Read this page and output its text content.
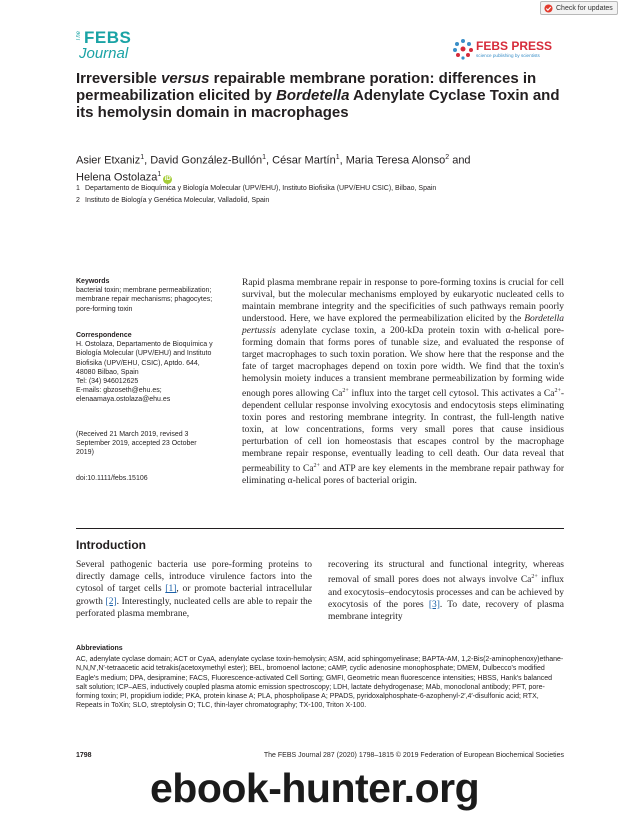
Check for updates
The FEBS
Journal	FEBS PRESS
science publishing by scientists
Irreversible versus repairable membrane poration: differences in permeabilization elicited by Bordetella Adenylate Cyclase Toxin and its hemolysin domain in macrophages
Asier Etxaniz$^1$, David González-Bullón$^1$, César Martín$^1$, Maria Teresa Alonso$^2$ and
Helena Ostolaza$^1$iD
1 Departamento de Bioquímica y Biología Molecular (UPV/EHU), Instituto Biofisika (UPV/EHU CSIC), Bilbao, Spain
2 Instituto de Biología y Genética Molecular, Valladolid, Spain
Keywords
bacterial toxin; membrane permeabilization;
membrane repair mechanisms; phagocytes;
pore-forming toxin
Correspondence
H. Ostolaza, Departamento de Bioquímica y
Biología Molecular (UPV/EHU) and Instituto
Biofisika (UPV/EHU, CSIC), Aptdo. 644,
48080 Bilbao, Spain
Tel: (34) 946012625
E-mails: gbzoseth@ehu.es;
elenaamaya.ostolaza@ehu.es
(Received 21 March 2019, revised 3
September 2019, accepted 23 October
2019)
doi:10.1111/febs.15106
Rapid plasma membrane repair in response to pore-forming toxins is crucial for cell survival, but the molecular mechanisms employed by eukaryotic nucleated cells to maintain membrane integrity and the specificities of such pathways remain poorly understood. Here, we have explored the permeabilization elicited by the Bordetella pertussis adenylate cyclase toxin, a 200-kDa protein toxin with α-helical pore-forming domain that forms pores of tunable size, and evaluated the response of target macrophages to such toxin poration. We show here that the response and the fate of target macrophages depend on toxin pore width. We find that the toxin's hemolysin moiety induces a transient membrane permeabilization by forming wide enough pores allowing $Ca^{2+}$ influx into the target cell cytosol. This activates a $Ca^{2+}$-dependent cellular response involving exocytosis and endocytosis steps eliminating toxin pores and restoring membrane integrity. In contrast, the full-length native toxin, at low concentrations, forms very small pores that cause insidious perturbation of cell ion homeostasis that escapes control by the macrophage membrane repair response, eventually leading to cell death. Our data reveal that permeability to $Ca^{2+}$ and ATP are key elements in the membrane repair pathway for eliminating α-helical pores of bacterial origin.
Introduction
Several pathogenic bacteria use pore-forming proteins to directly damage cells, introduce virulence factors into the cytosol of target cells [1], or promote bacterial intracellular growth [2]. Interestingly, nucleated cells are able to repair the perforated plasma membrane,
recovering its structural and functional integrity, whereas removal of small pores does not always involve $Ca^{2+}$ influx and exocytosis–endocytosis processes and can be achieved by exocytosis of the pores [3]. To date, recovery of plasma membrane integrity
Abbreviations
AC, adenylate cyclase domain; ACT or CyaA, adenylate cyclase toxin-hemolysin; ASM, acid sphingomyelinase; BAPTA-AM, 1,2-Bis(2-aminophenoxy)ethane-N,N,N′,N′-tetraacetic acid tetrakis(acetoxymethyl ester); BEL, bromoenol lactone; cAMP, cyclic adenosine monophosphate; DMEM, Dulbecco's modified Eagle's medium; DPA, desipramine; FACS, Fluorescence-activated Cell Sorting; GMFI, Geometric mean fluorescence intensities; HBSS, Hank's balanced salt solution; ICP–AES, inductively coupled plasma atomic emission spectroscopy; LDH, lactate dehydrogenase; MAb, monoclonal antibody; PFT, pore-forming toxin; PI, propidium iodide; PKA, protein kinase A; PLA, phospholipase A; PPADS, pyridoxalphosphate-6-azophenyl-2′,4′-disulfonic acid; RTX, Repeats in ToXin; SLO, streptolysin O; TLC, thin-layer chromatography; TX-100, Triton X-100.
1798	The FEBS Journal 287 (2020) 1798–1815 © 2019 Federation of European Biochemical Societies
ebook-hunter.org
